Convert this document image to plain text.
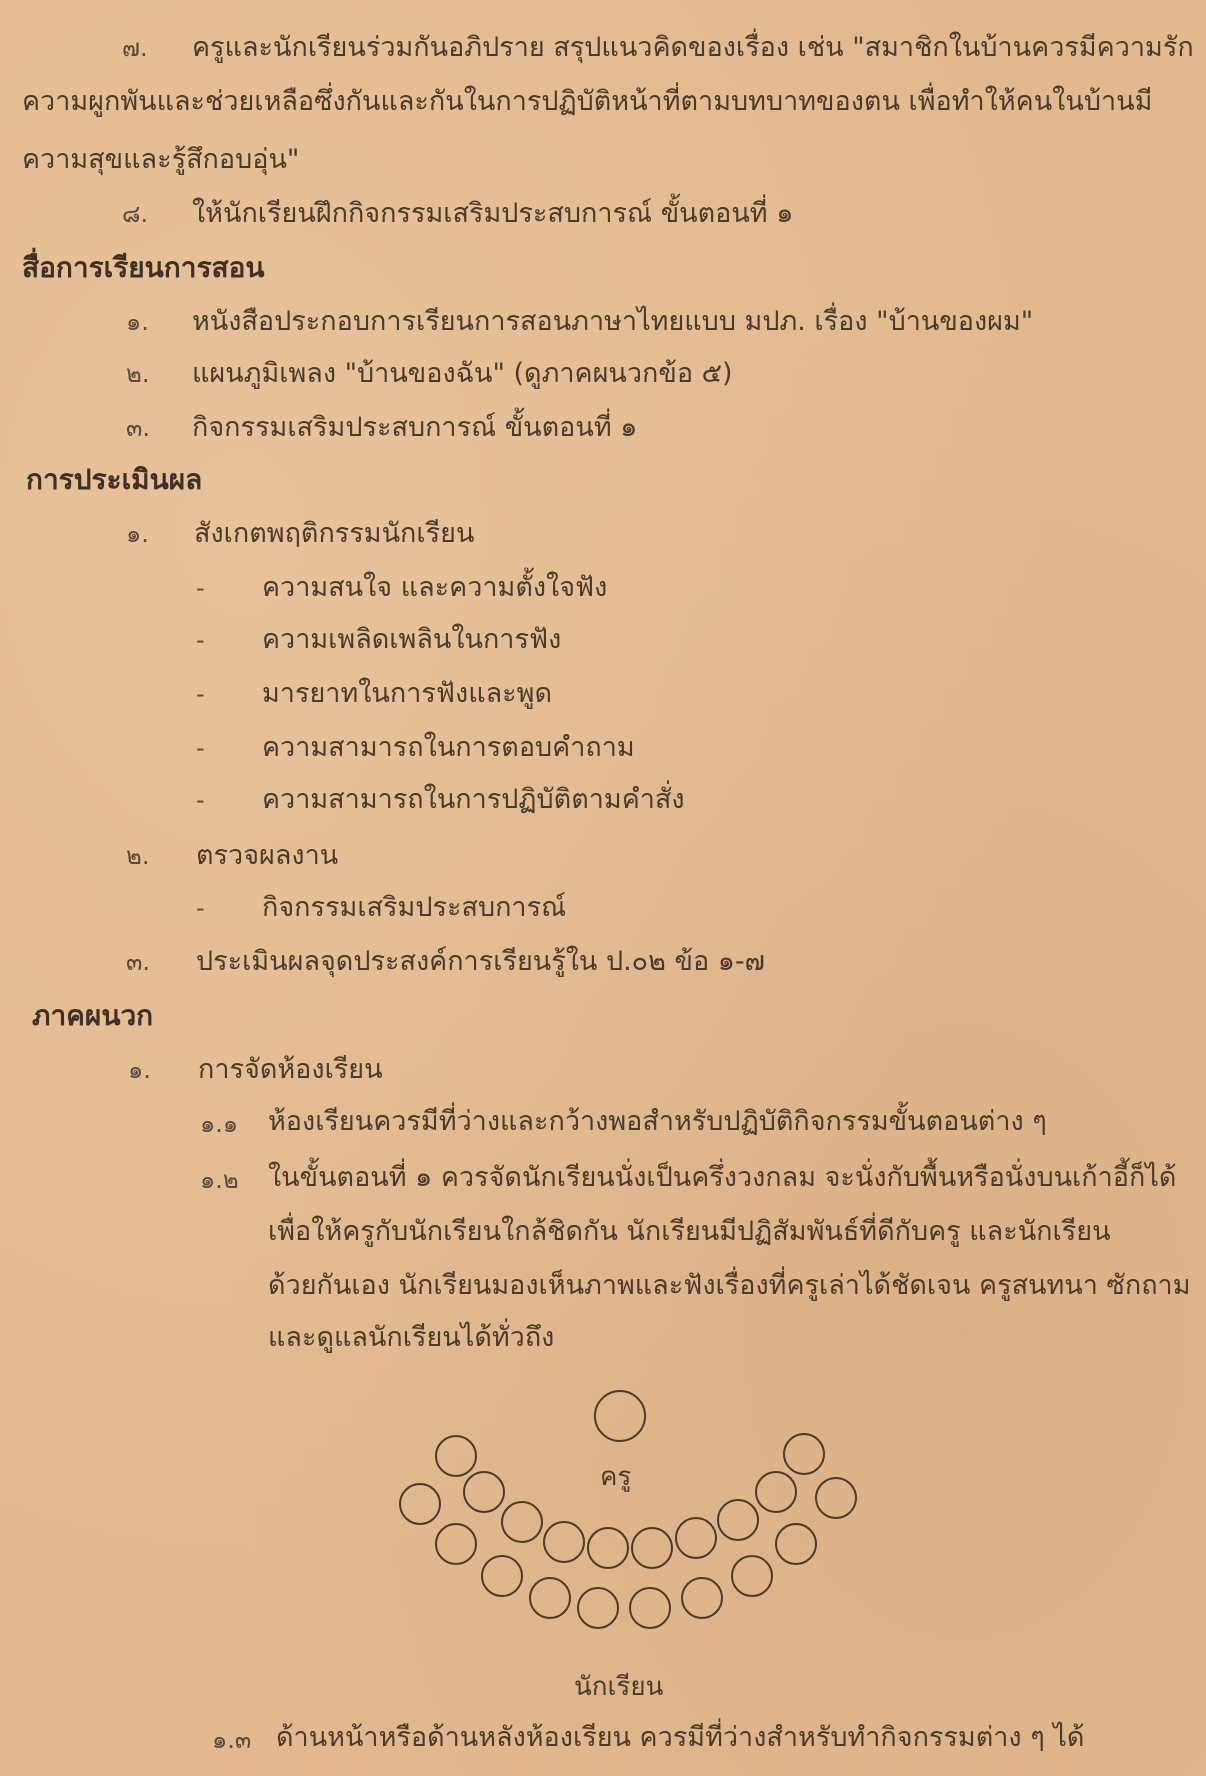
๗. ครูและนักเรียนร่วมกันอภิปราย สรุปแนวคิดของเรื่อง เช่น "สมาชิกในบ้านควรมีความรัก
ความผูกพันและช่วยเหลือซึ่งกันและกันในการปฏิบัติหน้าที่ตามบทบาทของตน เพื่อทำให้คนในบ้านมี
ความสุขและรู้สึกอบอุ่น"
๘. ให้นักเรียนฝึกกิจกรรมเสริมประสบการณ์ ขั้นตอนที่ ๑
สื่อการเรียนการสอน
๑. หนังสือประกอบการเรียนการสอนภาษาไทยแบบ มปภ. เรื่อง "บ้านของผม"
๒. แผนภูมิเพลง "บ้านของฉัน" (ดูภาคผนวกข้อ ๕)
๓. กิจกรรมเสริมประสบการณ์ ขั้นตอนที่ ๑
การประเมินผล
๑. สังเกตพฤติกรรมนักเรียน
- ความสนใจ และความตั้งใจฟัง
- ความเพลิดเพลินในการฟัง
- มารยาทในการฟังและพูด
- ความสามารถในการตอบคำถาม
- ความสามารถในการปฏิบัติตามคำสั่ง
๒. ตรวจผลงาน
- กิจกรรมเสริมประสบการณ์
๓. ประเมินผลจุดประสงค์การเรียนรู้ใน ป.๐๒ ข้อ ๑-๗
ภาคผนวก
๑. การจัดห้องเรียน
๑.๑ ห้องเรียนควรมีที่ว่างและกว้างพอสำหรับปฏิบัติกิจกรรมขั้นตอนต่าง ๆ
๑.๒ ในขั้นตอนที่ ๑ ควรจัดนักเรียนนั่งเป็นครึ่งวงกลม จะนั่งกับพื้นหรือนั่งบนเก้าอี้ก็ได้
เพื่อให้ครูกับนักเรียนใกล้ชิดกัน นักเรียนมีปฏิสัมพันธ์ที่ดีกับครู และนักเรียน
ด้วยกันเอง นักเรียนมองเห็นภาพและฟังเรื่องที่ครูเล่าได้ชัดเจน ครูสนทนา ซักถาม
และดูแลนักเรียนได้ทั่วถึง
ครู
นักเรียน
๑.๓ ด้านหน้าหรือด้านหลังห้องเรียน ควรมีที่ว่างสำหรับทำกิจกรรมต่าง ๆ ได้
